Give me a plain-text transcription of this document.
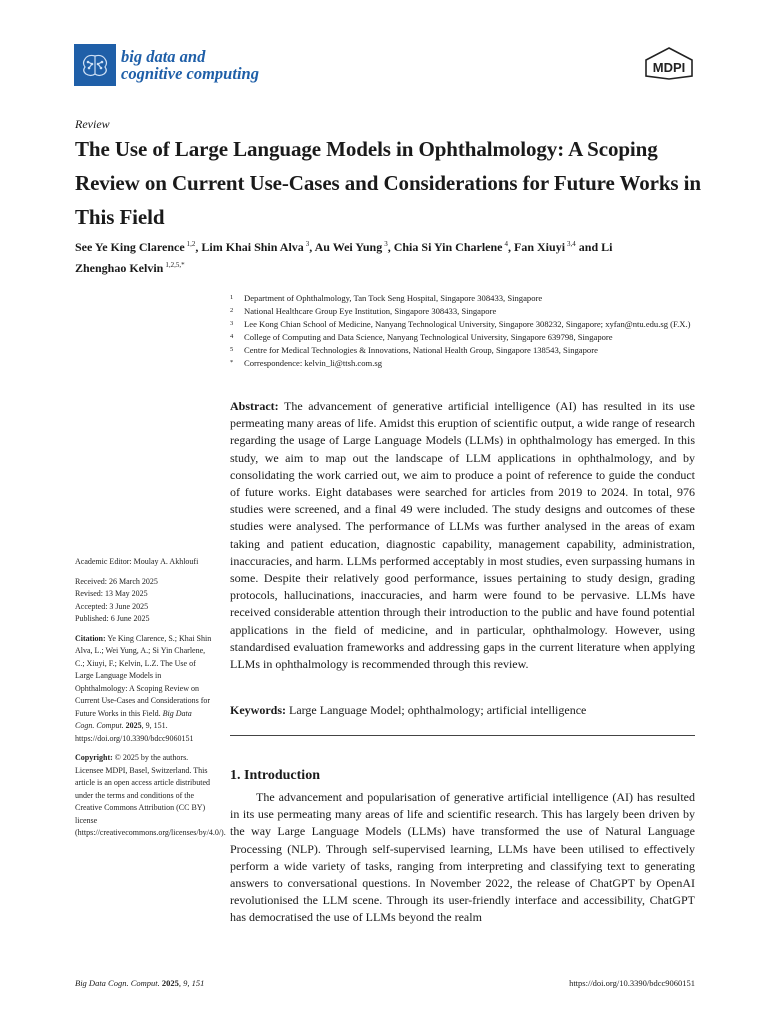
big data and
cognitive computing	MDPI
Review
The Use of Large Language Models in Ophthalmology: A Scoping Review on Current Use-Cases and Considerations for Future Works in This Field
See Ye King Clarence $^{1,2}$, Lim Khai Shin Alva $^3$, Au Wei Yung $^3$, Chia Si Yin Charlene $^4$, Fan Xiuyi $^{3,4}$ and Li Zhenghao Kelvin $^{1,2,5,*}$
1 Department of Ophthalmology, Tan Tock Seng Hospital, Singapore 308433, Singapore
2 National Healthcare Group Eye Institution, Singapore 308433, Singapore
3 Lee Kong Chian School of Medicine, Nanyang Technological University, Singapore 308232, Singapore; xyfan@ntu.edu.sg (F.X.)
4 College of Computing and Data Science, Nanyang Technological University, Singapore 639798, Singapore
5 Centre for Medical Technologies & Innovations, National Health Group, Singapore 138543, Singapore
* Correspondence: kelvin_li@ttsh.com.sg

Academic Editor: Moulay A. Akhloufi

Received: 26 March 2025
Revised: 13 May 2025
Accepted: 3 June 2025

Published: 6 June 2025

Citation: Ye King Clarence, S.; Khai Shin Alva, L.; Wei Yung, A.; Si Yin Charlene, C.; Xiuyi, F.; Kelvin, L.Z. The Use of Large Language Models in Ophthalmology: A Scoping Review on Current Use-Cases and Considerations for Future Works in this Field. Big Data Cogn. Comput. 2025, 9, 151. https://doi.org/10.3390/bdcc9060151

Copyright: © 2025 by the authors. Licensee MDPI, Basel, Switzerland. This article is an open access article distributed under the terms and conditions of the Creative Commons Attribution (CC BY) license (https://creativecommons.org/licenses/by/4.0/).

Abstract: The advancement of generative artificial intelligence (AI) has resulted in its use permeating many areas of life. Amidst this eruption of scientific output, a wide range of research regarding the usage of Large Language Models (LLMs) in ophthalmology has emerged. In this study, we aim to map out the landscape of LLM applications in ophthalmology, and by consolidating the work carried out, we aim to produce a point of reference to guide the conduct of future works. Eight databases were searched for articles from 2019 to 2024. In total, 976 studies were screened, and a final 49 were included. The study designs and outcomes of these studies were analysed. The performance of LLMs was further analysed in the areas of exam taking and patient education, diagnostic capability, management capability, administration, inaccuracies, and harm. LLMs performed acceptably in most studies, even surpassing humans in some. Despite their relatively good performance, issues pertaining to study design, grading protocols, hallucinations, inaccuracies, and harm were found to be pervasive. LLMs have received considerable attention through their introduction to the public and have found potential applications in the field of medicine, and in particular, ophthalmology. However, using standardised evaluation frameworks and addressing gaps in the current literature when applying LLMs in ophthalmology is recommended through this review.
Keywords: Large Language Model; ophthalmology; artificial intelligence
1. Introduction
The advancement and popularisation of generative artificial intelligence (AI) has resulted in its use permeating many areas of life and scientific research. This has largely been driven by the way Large Language Models (LLMs) have transformed the use of Natural Language Processing (NLP). Through self-supervised learning, LLMs have been utilised to effectively perform a wide variety of tasks, ranging from interpreting and classifying text to generating answers to conversational questions. In November 2022, the release of ChatGPT by OpenAI revolutionised the LLM scene. Through its user-friendly interface and accessibility, ChatGPT has democratised the use of LLMs beyond the realm
Big Data Cogn. Comput. 2025, 9, 151	https://doi.org/10.3390/bdcc9060151
